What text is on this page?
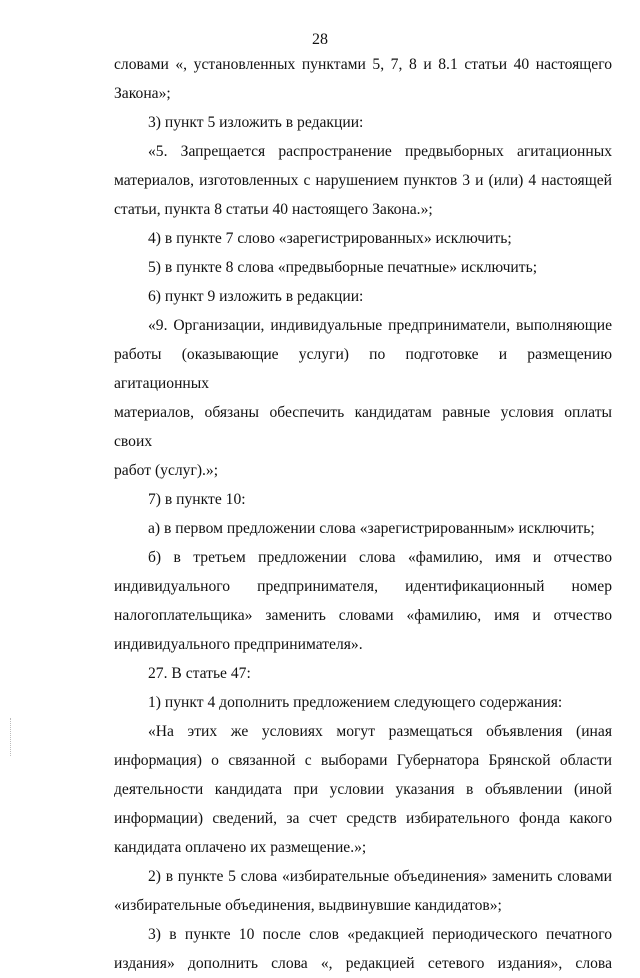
28
словами «, установленных пунктами 5, 7, 8 и 8.1 статьи 40 настоящего
Закона»;
3) пункт 5 изложить в редакции:
«5. Запрещается распространение предвыборных агитационных
материалов, изготовленных с нарушением пунктов 3 и (или) 4 настоящей
статьи, пункта 8 статьи 40 настоящего Закона.»;
4) в пункте 7 слово «зарегистрированных» исключить;
5) в пункте 8 слова «предвыборные печатные» исключить;
6) пункт 9 изложить в редакции:
«9. Организации, индивидуальные предприниматели, выполняющие
работы (оказывающие услуги) по подготовке и размещению агитационных
материалов, обязаны обеспечить кандидатам равные условия оплаты своих
работ (услуг).»;
7) в пункте 10:
а) в первом предложении слова «зарегистрированным» исключить;
б) в третьем предложении слова «фамилию, имя и отчество
индивидуального предпринимателя, идентификационный номер
налогоплательщика» заменить словами «фамилию, имя и отчество
индивидуального предпринимателя».
27. В статье 47:
1) пункт 4 дополнить предложением следующего содержания:
«На этих же условиях могут размещаться объявления (иная
информация) о связанной с выборами Губернатора Брянской области
деятельности кандидата при условии указания в объявлении (иной
информации) сведений, за счет средств избирательного фонда какого
кандидата оплачено их размещение.»;
2) в пункте 5 слова «избирательные объединения» заменить словами
«избирательные объединения, выдвинувшие кандидатов»;
3) в пункте 10 после слов «редакцией периодического печатного
издания» дополнить слова «, редакцией сетевого издания», слова
